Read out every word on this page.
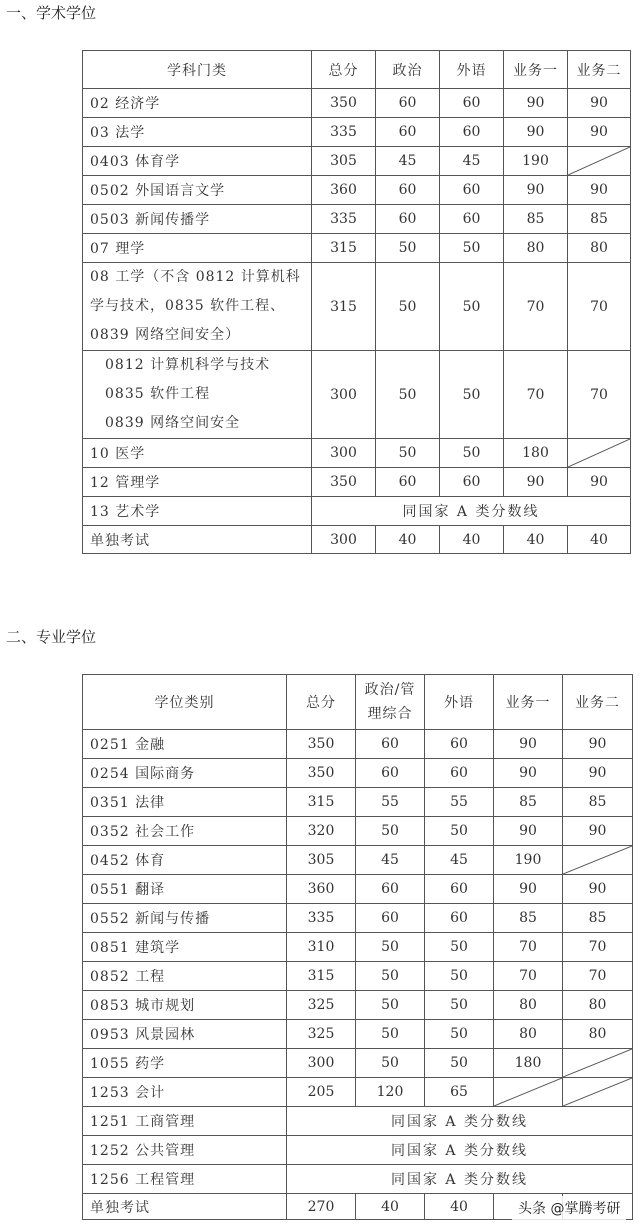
一、学术学位
学科门类	总分	政治	外语	业务一	业务二

02 经济学	350	60	60	90	90

03 法学	335	60	60	90	90

0403 体育学	305	45	45	190	

0502 外国语言文学	360	60	60	90	90

0503 新闻传播学	335	60	60	85	85

07 理学	315	50	50	80	80

08 工学（不含 0812 计算机科
学与技术，0835 软件工程、
0839 网络空间安全）	315	50	50	70	70

0812 计算机科学与技术
0835 软件工程
0839 网络空间安全	300	50	50	70	70

10 医学	300	50	50	180	

12 管理学	350	60	60	90	90

13 艺术学	同国家 A 类分数线				

单独考试	300	40	40	40	40
二、专业学位
学位类别	总分	政治/管理综合	外语	业务一	业务二

0251 金融	350	60	60	90	90

0254 国际商务	350	60	60	90	90

0351 法律	315	55	55	85	85

0352 社会工作	320	50	50	90	90

0452 体育	305	45	45	190	

0551 翻译	360	60	60	90	90

0552 新闻与传播	335	60	60	85	85

0851 建筑学	310	50	50	70	70

0852 工程	315	50	50	70	70

0853 城市规划	325	50	50	80	80

0953 风景园林	325	50	50	80	80

1055 药学	300	50	50	180	

1253 会计	205	120	65	

1251 工商管理	同国家 A 类分数线				

1252 公共管理	同国家 A 类分数线				

1256 工程管理	同国家 A 类分数线				

单独考试	270	40	40			头条 @掌腾考研
